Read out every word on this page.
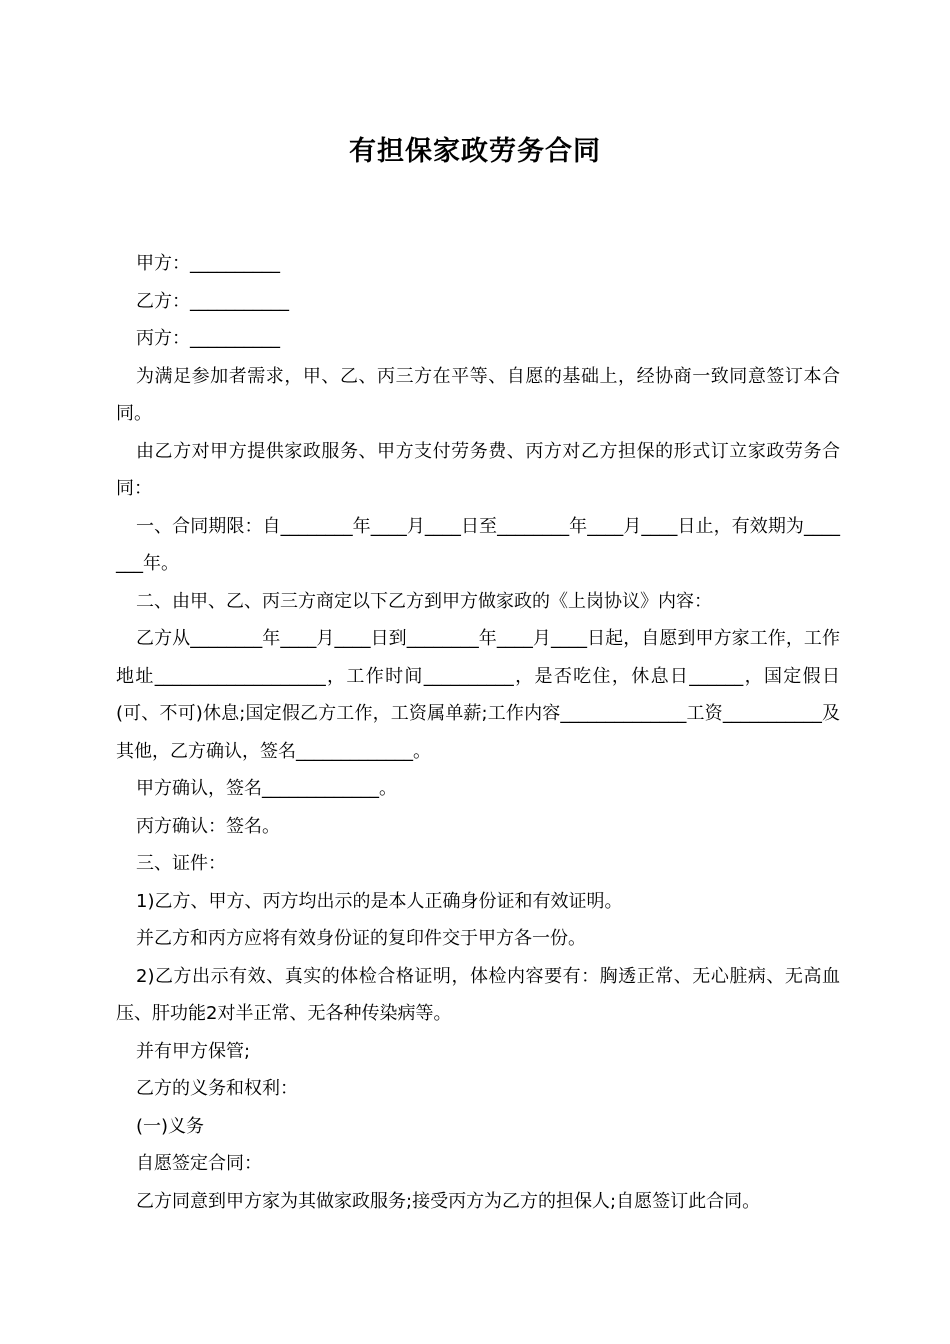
有担保家政劳务合同

甲方：__________

乙方：___________

丙方：__________

为满足参加者需求，甲、乙、丙三方在平等、自愿的基础上，经协商一致同意签订本合同。

由乙方对甲方提供家政服务、甲方支付劳务费、丙方对乙方担保的形式订立家政劳务合同：

一、合同期限：自________年____月____日至________年____月____日止，有效期为_______年。

二、由甲、乙、丙三方商定以下乙方到甲方做家政的《上岗协议》内容：

乙方从________年____月____日到________年____月____日起，自愿到甲方家工作，工作地址___________________，工作时间__________，是否吃住，休息日______，国定假日(可、不可)休息;国定假乙方工作，工资属单薪;工作内容______________工资___________及其他，乙方确认，签名_____________。

甲方确认，签名_____________。

丙方确认：签名。

三、证件：

1)乙方、甲方、丙方均出示的是本人正确身份证和有效证明。

并乙方和丙方应将有效身份证的复印件交于甲方各一份。

2)乙方出示有效、真实的体检合格证明，体检内容要有：胸透正常、无心脏病、无高血压、肝功能2对半正常、无各种传染病等。

并有甲方保管;

乙方的义务和权利：

(一)义务

自愿签定合同：

乙方同意到甲方家为其做家政服务;接受丙方为乙方的担保人;自愿签订此合同。
